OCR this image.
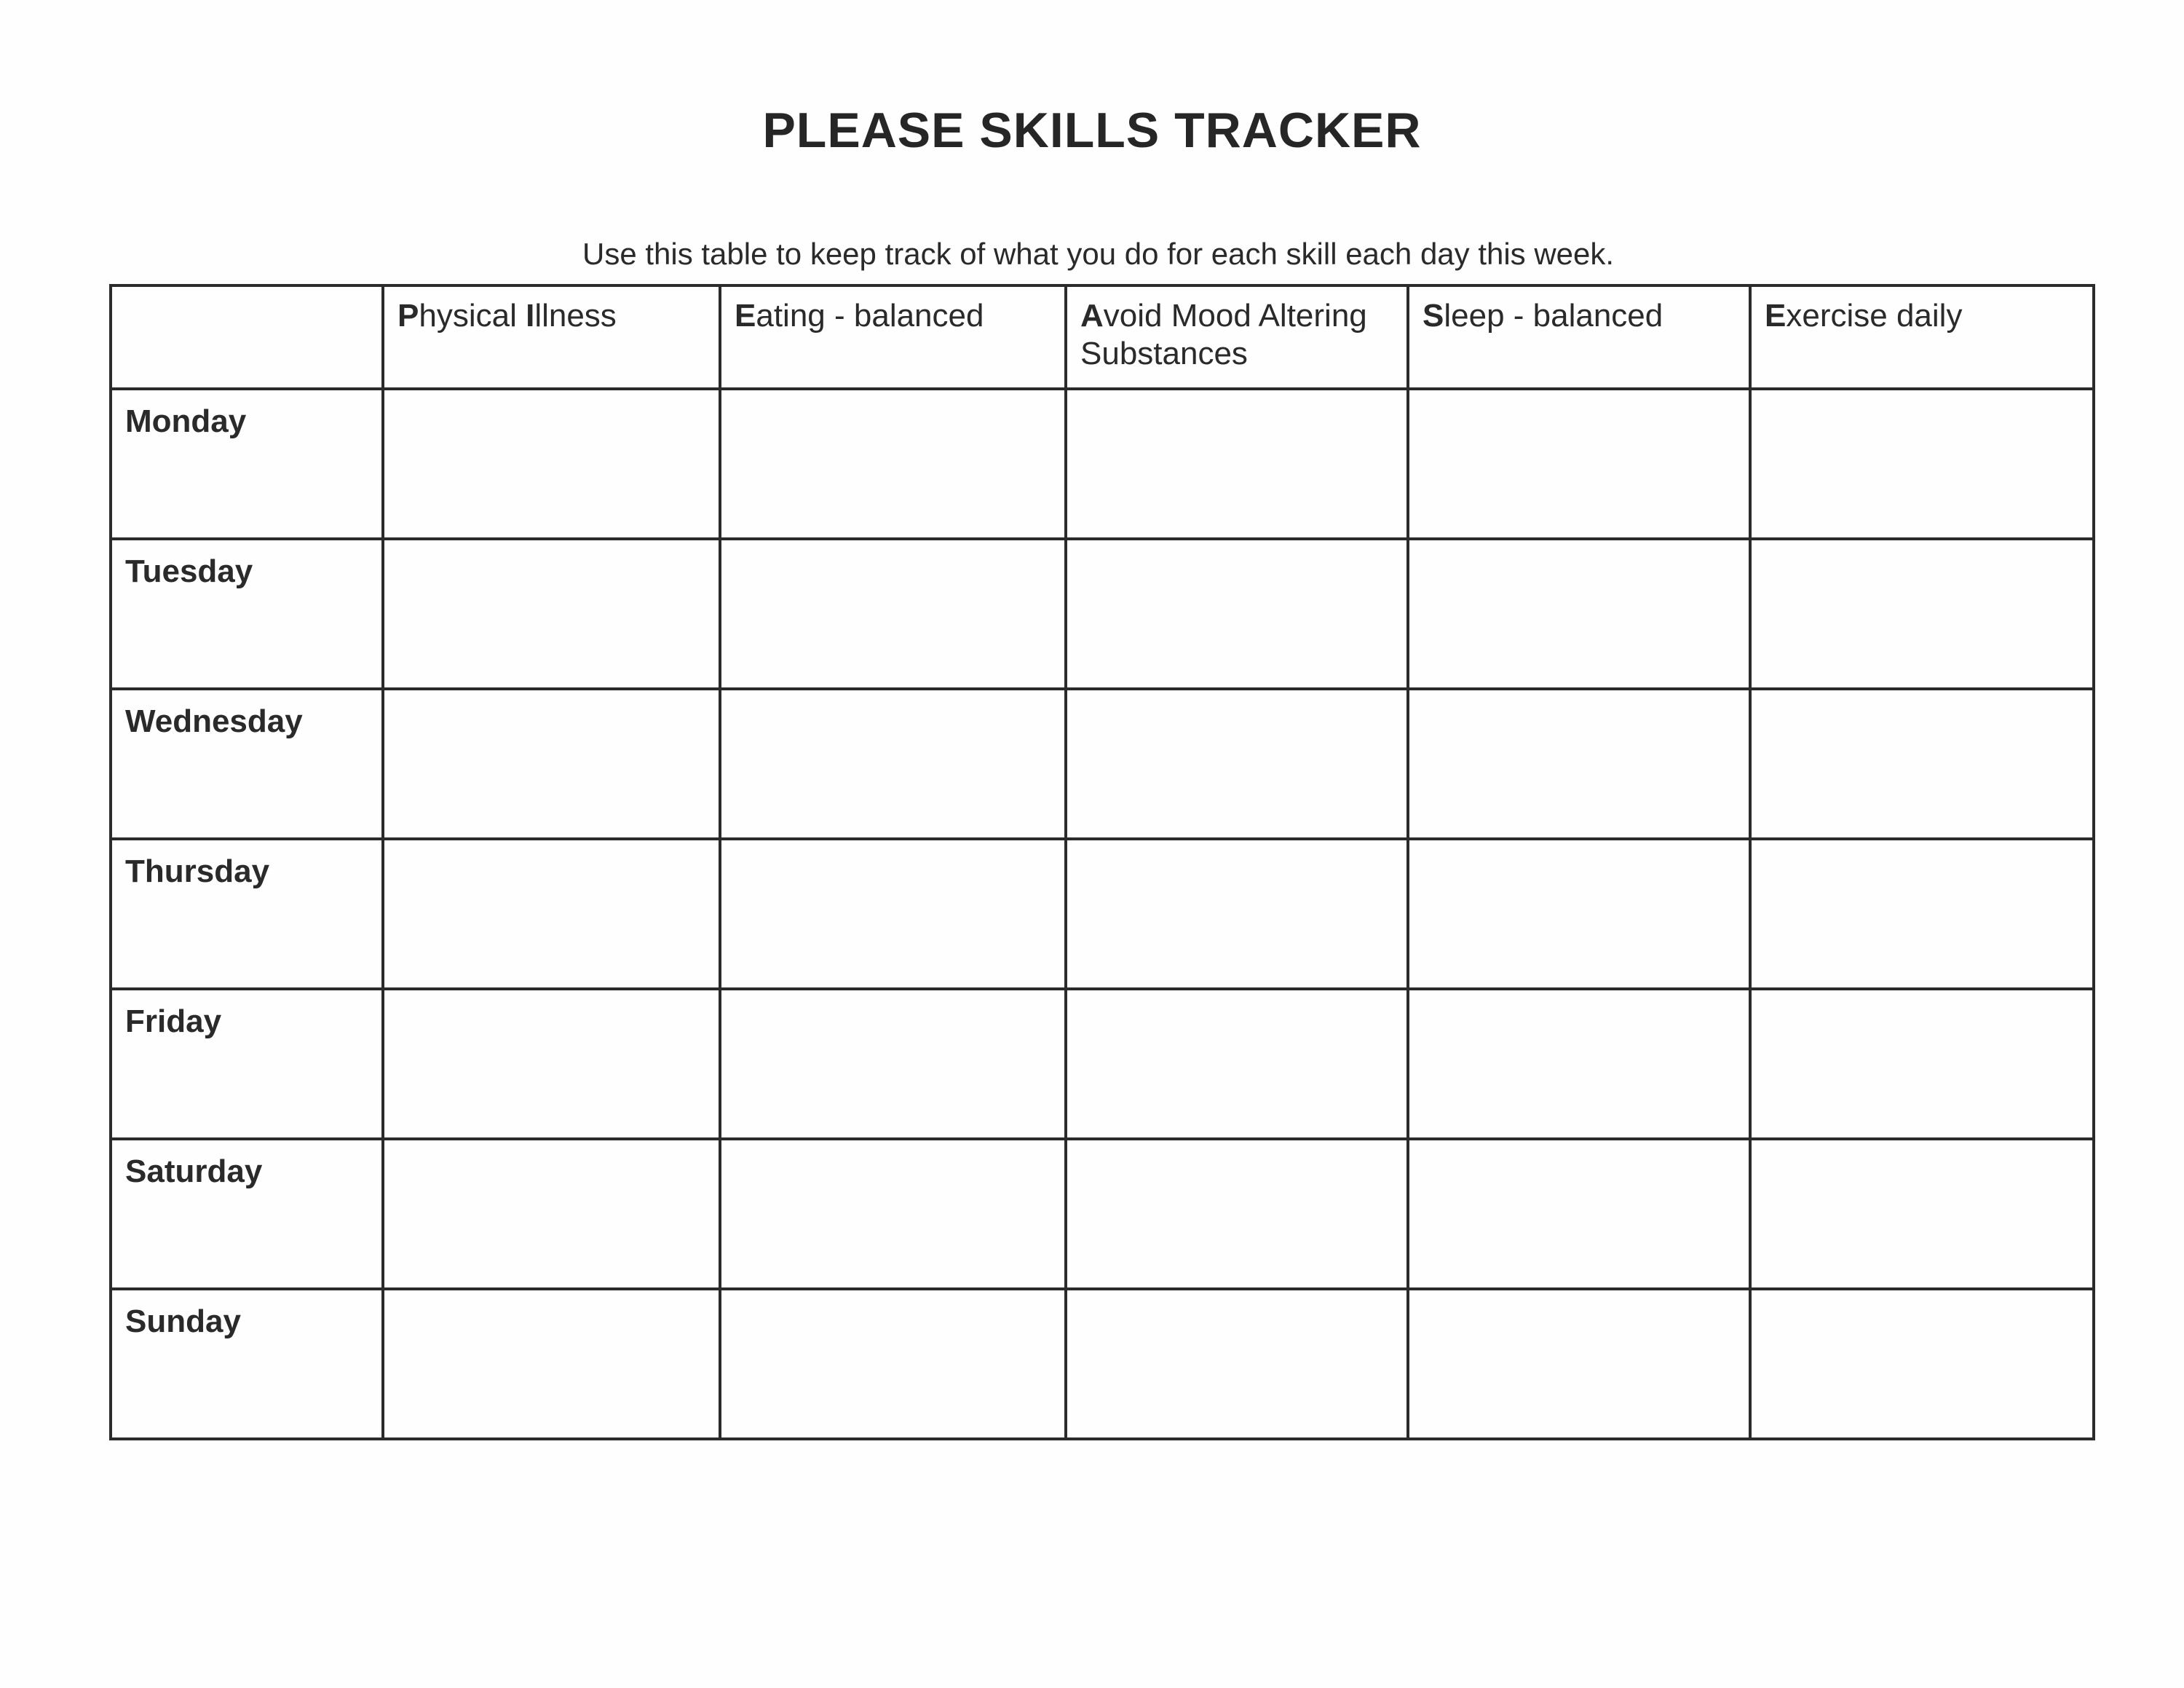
PLEASE SKILLS TRACKER
Use this table to keep track of what you do for each skill each day this week.
	Physical Illness	Eating - balanced	Avoid Mood Altering Substances	Sleep - balanced	Exercise daily
Monday					
Tuesday					
Wednesday					
Thursday					
Friday					
Saturday					
Sunday					
